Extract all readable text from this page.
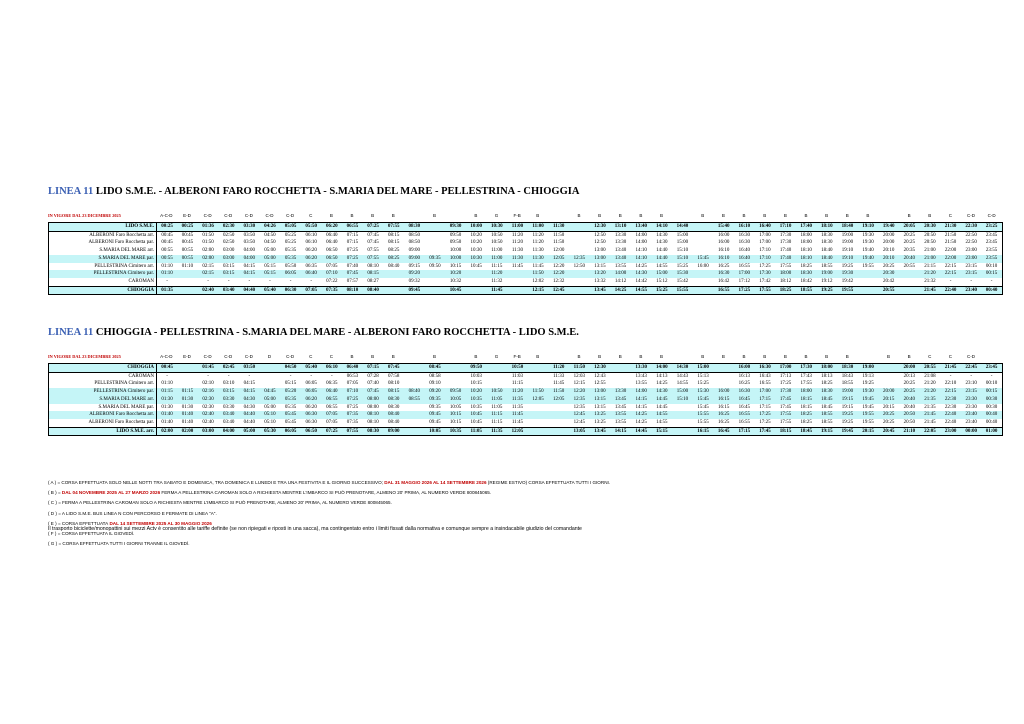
LINEA 11 LIDO S.M.E. - ALBERONI FARO ROCCHETTA - S.MARIA DEL MARE - PELLESTRINA - CHIOGGIA
IN VIGORE DAL 23 DICEMBRE 2025	A-C-D	E-D	C-D	C-D	C-D	C-D	C-D	C	B	B	B	B	B	B	G	F-B	B	B	B	B	B	B	B	B	B	B	B	B	B	B	B	B	B	C	C-D	C-D
LIDO S.M.E.	00:25	00:25	01:36	02:30	03:30	04:26	05:05	05:50	06:20	06:55	07:25	07:55	08:30		09:30	10:00	10:30	11:00	11:00	11:30		12:30	13:10	13:40	14:10	14:40		15:40	16:10	16:40	17:10	17:40	18:10	18:40	19:10	19:40	20:05	20:30	21:30	22:30	23:25
ALBERONI Faro Rocchetta arr.	00:45	00:45	01:50	02:50	03:50	04:50	05:25	06:10	06:40	07:15	07:45	08:15	08:50		09:50	10:20	10:50	11:20	11:20	11:50		12:50	13:30	14:00	14:30	15:00		16:00	16:30	17:00	17:30	18:00	18:30	19:00	19:30	20:00	20:25	20:50	21:50	22:50	23:45
ALBERONI Faro Rocchetta par.	00:45	00:45	01:50	02:50	03:50	04:50	05:25	06:10	06:40	07:15	07:45	08:15	08:50		09:50	10:20	10:50	11:20	11:20	11:50		12:50	13:30	14:00	14:30	15:00		16:00	16:30	17:00	17:30	18:00	18:30	19:00	19:30	20:00	20:25	20:50	21:50	22:50	23:45
S.MARIA DEL MARE arr.	00:55	00:55	02:00	03:00	04:00	05:00	05:35	06:20	06:50	07:25	07:55	08:25	09:00		10:00	10:30	11:00	11:30	11:30	12:00		13:00	13:40	14:10	14:40	15:10		16:10	16:40	17:10	17:40	18:10	18:40	19:10	19:40	20:10	20:35	21:00	22:00	23:00	23:55
S.MARIA DEL MARE par.	00:55	00:55	02:00	03:00	04:00	05:00	05:35	06:20	06:50	07:25	07:55	08:25	09:00	09:35	10:00	10:30	11:00	11:30	11:30	12:05	12:35	13:00	13:40	14:10	14:40	15:10	15:45	16:10	16:40	17:10	17:40	18:10	18:40	19:10	19:40	20:10	20:40	21:00	22:00	23:00	23:55
PELLESTRINA Cimitero arr.	01:10	01:10	02:15	03:15	04:15	05:15	05:50	06:35	07:05	07:40	08:10	08:40	09:15	09:50	10:15	10:45	11:15	11:45	11:45	12:20	12:50	13:15	13:55	14:25	14:55	15:25	16:00	16:25	16:55	17:25	17:55	18:25	18:55	19:25	19:55	20:25	20:55	21:15	22:15	23:15	00:10
PELLESTRINA Cimitero par.	01:10		02:15	03:15	04:15	05:15	06:05	06:40	07:10	07:45	08:15		09:20		10:20		11:20		11:50	12:20		13:20	14:00	14:30	15:00	15:30		16:30	17:00	17:30	18:00	18:30	19:00	19:30		20:30		21:20	22:15	23:15	00:15
CAROMAN	-		-	-	-	-	-	-	07:22	07:57	08:27		09:32		10:32		11:32		12:02	12:32		13:32	14:12	14:42	15:12	15:42		16:42	17:12	17:42	18:12	18:42	19:12	19:42		20:42		21:32	-	-	-
CHIOGGIA	01:35		02:40	03:40	04:40	05:40	06:30	07:05	07:35	08:10	08:40		09:45		10:45		11:45		12:15	12:45		13:45	14:25	14:55	15:25	15:55		16:55	17:25	17:55	18:25	18:55	19:25	19:55		20:55		21:45	22:40	23:40	00:40
LINEA 11 CHIOGGIA - PELLESTRINA - S.MARIA DEL MARE - ALBERONI FARO ROCCHETTA - LIDO S.M.E.
IN VIGORE DAL 23 DICEMBRE 2025	A-C-D	E-D	C-D	C-D	C-D	D	C-D	C	C	B	B	B	B	B	G	F-B	B	B	B	B	B	B	B	B	B	B	B	B	B	B	B	B	C	C	C-D
CHIOGGIA	00:45		01:45	02:45	03:50		04:50	05:40	06:10	06:40	07:15	07:45		08:45		09:50		10:50		11:20	11:50	12:30		13:30	14:00	14:30	15:00		16:00	16:30	17:00	17:30	18:00	18:30	19:00		20:00	20:55	21:45	22:45	23:45
CAROMAN	-		-	-	-		-	-	-	06:53	07:28	07:58		08:58		10:03		11:03		11:33	12:03	12:43		13:43	14:13	14:43	15:13		16:13	16:43	17:13	17:43	18:13	18:43	19:13		20:13	21:08	-	-	-
PELLESTRINA Cimitero arr.	01:10		02:10	03:10	04:15		05:15	06:05	06:35	07:05	07:40	08:10		09:10		10:15		11:15		11:45	12:15	12:55		13:55	14:25	14:55	15:25		16:25	16:55	17:25	17:55	18:25	18:55	19:25		20:25	21:20	22:10	23:10	00:10
PELLESTRINA Cimitero par.	01:15	01:15	02:16	03:15	04:15	04:45	05:20	06:05	06:40	07:10	07:45	08:15	08:40	09:20	09:50	10:20	10:50	11:20	11:50	11:50	12:20	13:00	13:30	14:00	14:30	15:00	15:30	16:00	16:30	17:00	17:30	18:00	18:30	19:00	19:30	20:00	20:25	21:20	22:15	23:15	00:15
S.MARIA DEL MARE arr.	01:30	01:30	02:30	03:30	04:30	05:00	05:35	06:20	06:55	07:25	08:00	08:30	08:55	09:35	10:05	10:35	11:05	11:35	12:05	12:05	12:35	13:15	13:45	14:15	14:45	15:10	15:45	16:15	16:45	17:15	17:45	18:15	18:45	19:15	19:45	20:15	20:40	21:35	22:30	23:30	00:30
S.MARIA DEL MARE par.	01:30	01:30	02:30	03:30	04:30	05:00	05:35	06:20	06:55	07:25	08:00	08:30		09:35	10:05	10:35	11:05	11:35			12:35	13:15	13:45	14:15	14:45		15:45	16:15	16:45	17:15	17:45	18:15	18:45	19:15	19:45	20:15	20:40	21:35	22:30	23:30	00:30
ALBERONI Faro Rocchetta arr.	01:40	01:40	02:40	03:40	04:40	05:10	05:45	06:30	07:05	07:35	08:10	08:40		09:45	10:15	10:45	11:15	11:45			12:45	13:25	13:55	14:25	14:55		15:55	16:25	16:55	17:25	17:55	18:25	18:55	19:25	19:55	20:25	20:50	21:45	22:40	23:40	00:40
ALBERONI Faro Rocchetta par.	01:40	01:40	02:40	03:40	04:40	05:10	05:45	06:30	07:05	07:35	08:10	08:40		09:45	10:15	10:45	11:15	11:45			12:45	13:25	13:55	14:25	14:55		15:55	16:25	16:55	17:25	17:55	18:25	18:55	19:25	19:55	20:25	20:50	21:45	22:40	23:40	00:40
LIDO S.M.E. arr.	02:00	02:00	03:00	04:00	05:00	05:30	06:05	06:50	07:25	07:55	08:30	09:00		10:05	10:35	11:05	11:35	12:05			13:05	13:45	14:15	14:45	15:15		16:15	16:45	17:15	17:45	18:15	18:45	19:15	19:45	20:15	20:45	21:10	22:05	23:00	00:00	01:00
( A ) = CORSA EFFETTUATA SOLO NELLE NOTTI TRA SABATO E DOMENICA, TRA DOMENICA E LUNEDI E TRA UNA FESTIVITA E IL GIORNO SUCCESSIVO; DAL 31 MAGGIO 2026 AL 14 SETTEMBRE 2026 (REGIME ESTIVO) CORSA EFFETTUATA TUTTI I GIORNI.
( B ) = DAL 04 NOVEMBRE 2025 AL 27 MARZO 2026 FERMA A PELLESTRINA CAROMAN SOLO A RICHIESTA MENTRE L'IMBARCO SI PUÒ PRENOTARE, ALMENO 20' PRIMA, AL NUMERO VERDE 800845065.
( C ) = FERMA A PELLESTRINA CAROMAN SOLO A RICHIESTA MENTRE L'IMBARCO SI PUÒ PRENOTARE, ALMENO 20' PRIMA, AL NUMERO VERDE 800845065.
( D ) = A LIDO S.M.E. BUS LINEA N CON PERCORSO E FERMATE DI LINEA "A".
( E ) = CORSA EFFETTUATA DAL 14 SETTEMBRE 2025 AL 30 MAGGIO 2026
( F ) = CORSA EFFETTUATA IL GIOVEDÌ.
( G ) = CORSA EFFETTUATA TUTTI I GIORNI TRANNE IL GIOVEDÌ.
Il trasporto biciclette/monopattini sui mezzi Actv è consentito alle tariffe definite (se non ripiegati e riposti in una sacca), ma contingentato entro i limiti fissati dalla normativa e comunque sempre a insindacabile giudizio del comandante
